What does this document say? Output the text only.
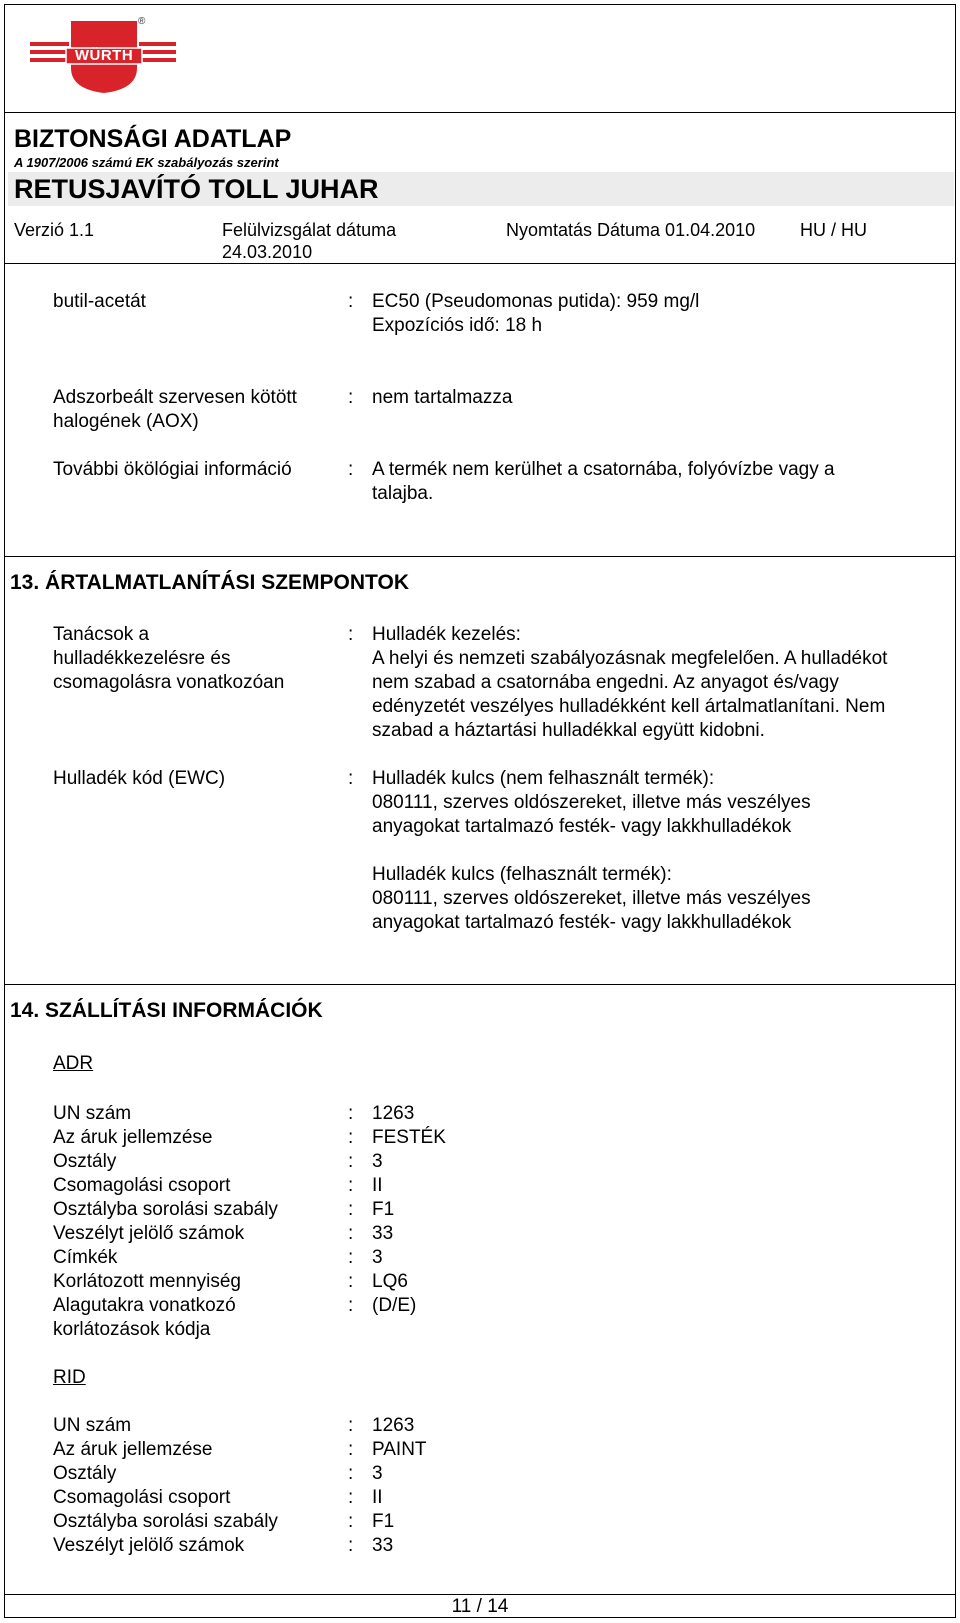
WÜRTH
®
BIZTONSÁGI ADATLAP
A 1907/2006 számú EK szabályozás szerint
RETUSJAVÍTÓ TOLL JUHAR
Verzió 1.1	Felülvizsgálat dátuma
24.03.2010
Nyomtatás Dátuma 01.04.2010 HU / HU
butil-acetát	: EC50 (Pseudomonas putida): 959 mg/l
Expozíciós idő: 18 h
Adszorbeált szervesen kötött
halogének (AOX)
: nem tartalmazza
További ökölógiai információ	: A termék nem kerülhet a csatornába, folyóvízbe vagy a
talajba.
13. ÁRTALMATLANÍTÁSI SZEMPONTOK
Tanácsok a
hulladékkezelésre és
csomagolásra vonatkozóan
: Hulladék kezelés:
A helyi és nemzeti szabályozásnak megfelelően. A hulladékot
nem szabad a csatornába engedni. Az anyagot és/vagy
edényzetét veszélyes hulladékként kell ártalmatlanítani. Nem
szabad a háztartási hulladékkal együtt kidobni.
Hulladék kód (EWC)	: Hulladék kulcs (nem felhasznált termék):
080111, szerves oldószereket, illetve más veszélyes
anyagokat tartalmazó festék- vagy lakkhulladékok
Hulladék kulcs (felhasznált termék):
080111, szerves oldószereket, illetve más veszélyes
anyagokat tartalmazó festék- vagy lakkhulladékok
14. SZÁLLÍTÁSI INFORMÁCIÓK
ADR
UN szám	: 1263
Az áruk jellemzése	: FESTÉK
Osztály	: 3
Csomagolási csoport	: II
Osztályba sorolási szabály	: F1
Veszélyt jelölő számok	: 33
Címkék	: 3
Korlátozott mennyiség	: LQ6
Alagutakra vonatkozó	: (D/E)
korlátozások kódja
RID
UN szám	: 1263
Az áruk jellemzése	: PAINT
Osztály	: 3
Csomagolási csoport	: II
Osztályba sorolási szabály	: F1
Veszélyt jelölő számok	: 33
11 / 14
